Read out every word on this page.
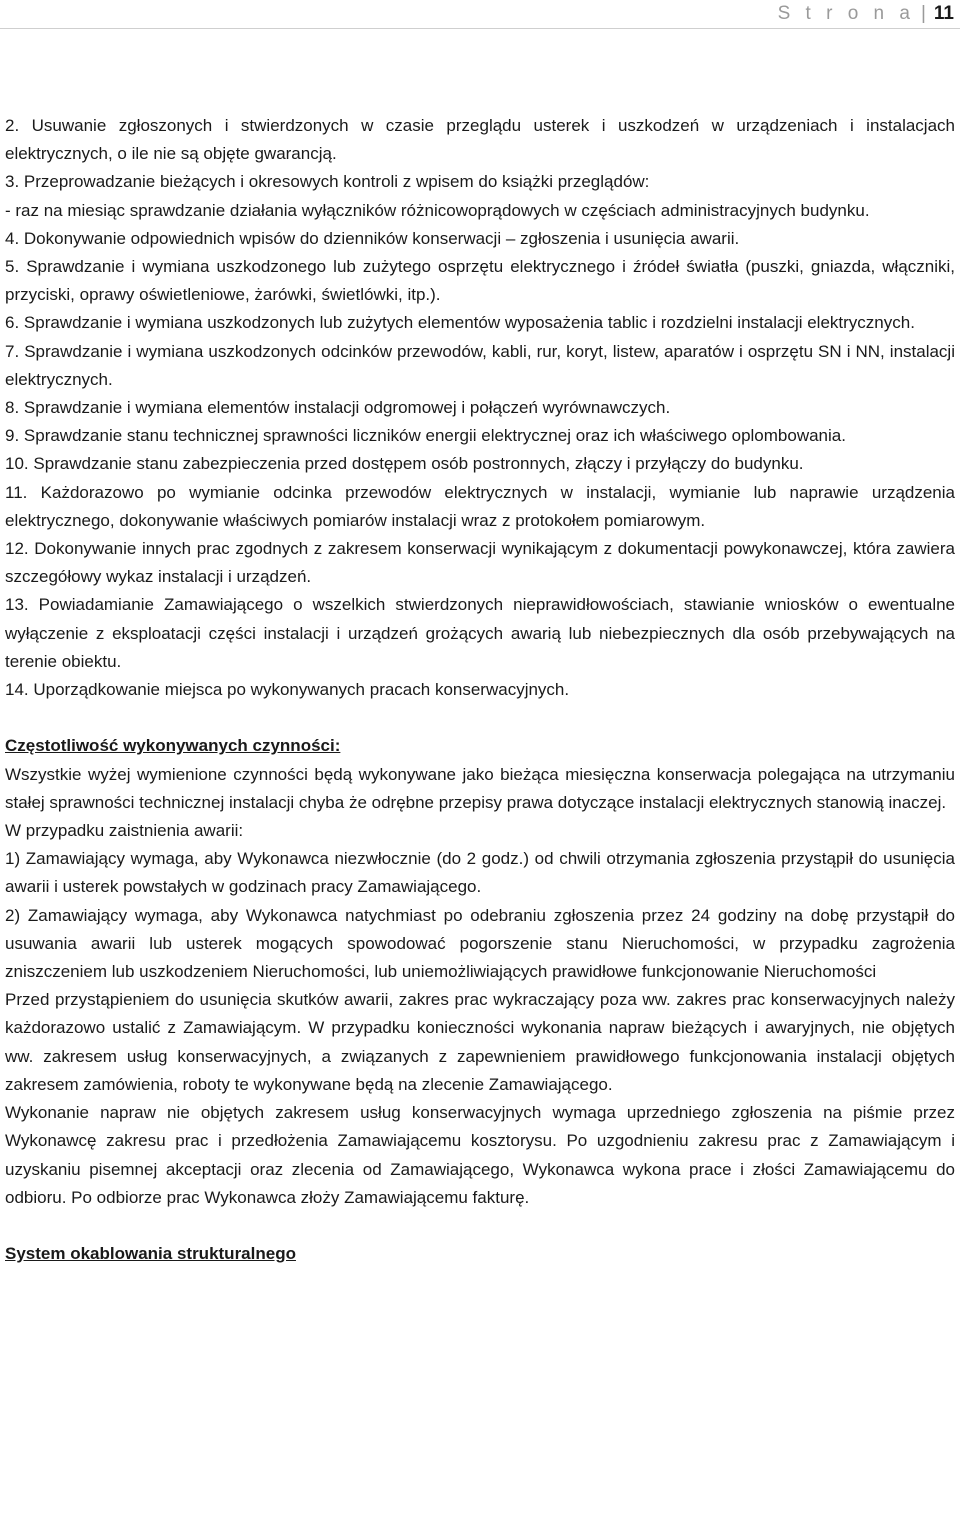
S t r o n a | 11

2. Usuwanie zgłoszonych i stwierdzonych w czasie przeglądu usterek i uszkodzeń w urządzeniach i instalacjach elektrycznych, o ile nie są objęte gwarancją.

3. Przeprowadzanie bieżących i okresowych kontroli z wpisem do książki przeglądów:

- raz na miesiąc sprawdzanie działania wyłączników różnicowoprądowych w częściach administracyjnych budynku.

4. Dokonywanie odpowiednich wpisów do dzienników konserwacji – zgłoszenia i usunięcia awarii.

5. Sprawdzanie i wymiana uszkodzonego lub zużytego osprzętu elektrycznego i źródeł światła (puszki, gniazda, włączniki, przyciski, oprawy oświetleniowe, żarówki, świetlówki, itp.).

6. Sprawdzanie i wymiana uszkodzonych lub zużytych elementów wyposażenia tablic i rozdzielni instalacji elektrycznych.

7. Sprawdzanie i wymiana uszkodzonych odcinków przewodów, kabli, rur, koryt, listew, aparatów i osprzętu SN i NN, instalacji elektrycznych.

8. Sprawdzanie i wymiana elementów instalacji odgromowej i połączeń wyrównawczych.

9. Sprawdzanie stanu technicznej sprawności liczników energii elektrycznej oraz ich właściwego oplombowania.

10. Sprawdzanie stanu zabezpieczenia przed dostępem osób postronnych, złączy i przyłączy do budynku.

11. Każdorazowo po wymianie odcinka przewodów elektrycznych w instalacji, wymianie lub naprawie urządzenia elektrycznego, dokonywanie właściwych pomiarów instalacji wraz z protokołem pomiarowym.

12. Dokonywanie innych prac zgodnych z zakresem konserwacji wynikającym z dokumentacji powykonawczej, która zawiera szczegółowy wykaz instalacji i urządzeń.

13. Powiadamianie Zamawiającego o wszelkich stwierdzonych nieprawidłowościach, stawianie wniosków o ewentualne wyłączenie z eksploatacji części instalacji i urządzeń grożących awarią lub niebezpiecznych dla osób przebywających na terenie obiektu.

14. Uporządkowanie miejsca po wykonywanych pracach konserwacyjnych.

Częstotliwość wykonywanych czynności:

Wszystkie wyżej wymienione czynności będą wykonywane jako bieżąca miesięczna konserwacja polegająca na utrzymaniu stałej sprawności technicznej instalacji chyba że odrębne przepisy prawa dotyczące instalacji elektrycznych stanowią inaczej.

W przypadku zaistnienia awarii:

1) Zamawiający wymaga, aby Wykonawca niezwłocznie (do 2 godz.) od chwili otrzymania zgłoszenia przystąpił do usunięcia awarii i usterek powstałych w godzinach pracy Zamawiającego.

2) Zamawiający wymaga, aby Wykonawca natychmiast po odebraniu zgłoszenia przez 24 godziny na dobę przystąpił do usuwania awarii lub usterek mogących spowodować pogorszenie stanu Nieruchomości, w przypadku zagrożenia zniszczeniem lub uszkodzeniem Nieruchomości, lub uniemożliwiających prawidłowe funkcjonowanie Nieruchomości

Przed przystąpieniem do usunięcia skutków awarii, zakres prac wykraczający poza ww. zakres prac konserwacyjnych należy każdorazowo ustalić z Zamawiającym. W przypadku konieczności wykonania napraw bieżących i awaryjnych, nie objętych ww. zakresem usług konserwacyjnych, a związanych z zapewnieniem prawidłowego funkcjonowania instalacji objętych zakresem zamówienia, roboty te wykonywane będą na zlecenie Zamawiającego.

Wykonanie napraw nie objętych zakresem usług konserwacyjnych wymaga uprzedniego zgłoszenia na piśmie przez Wykonawcę zakresu prac i przedłożenia Zamawiającemu kosztorysu. Po uzgodnieniu zakresu prac z Zamawiającym i uzyskaniu pisemnej akceptacji oraz zlecenia od Zamawiającego, Wykonawca wykona prace i złości Zamawiającemu do odbioru. Po odbiorze prac Wykonawca złoży Zamawiającemu fakturę.

System okablowania strukturalnego
